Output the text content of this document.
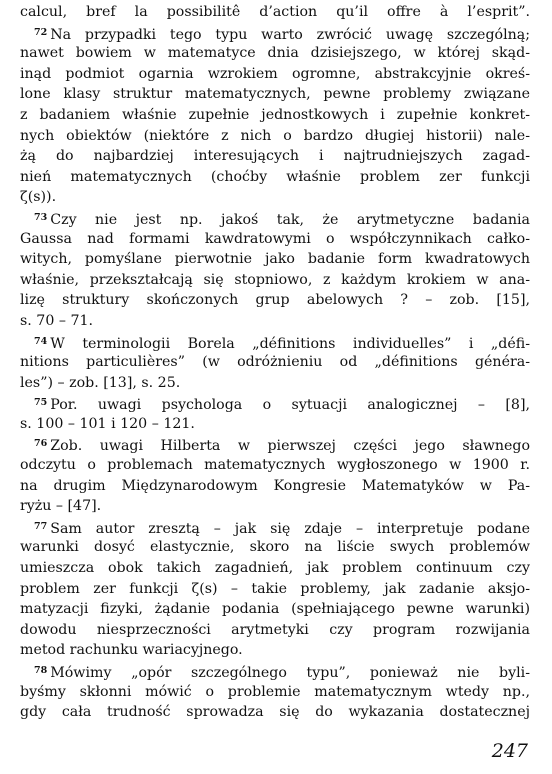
calcul, bref la possibilitê d’action qu’il offre à l’esprit”.
$^{72}$ Na przypadki tego typu warto zwrócić uwagę szczególną;
nawet bowiem w matematyce dnia dzisiejszego, w której skąd-
inąd podmiot ogarnia wzrokiem ogromne, abstrakcyjnie okreś-
lone klasy struktur matematycznych, pewne problemy związane
z badaniem właśnie zupełnie jednostkowych i zupełnie konkret-
nych obiektów (niektóre z nich o bardzo długiej historii) nale-
żą do najbardziej interesujących i najtrudniejszych zagad-
nień matematycznych (choćby właśnie problem zer funkcji
ζ(s)).
$^{73}$ Czy nie jest np. jakoś tak, że arytmetyczne badania
Gaussa nad formami kawdratowymi o współczynnikach całko-
witych, pomyślane pierwotnie jako badanie form kwadratowych
właśnie, przekształcają się stopniowo, z każdym krokiem w ana-
lizę struktury skończonych grup abelowych ? – zob. [15],
s. 70 – 71.
$^{74}$ W terminologii Borela „définitions individuelles” i „défi-
nitions particulières” (w odróżnieniu od „définitions généra-
les”) – zob. [13], s. 25.
$^{75}$ Por. uwagi psychologa o sytuacji analogicznej – [8],
s. 100 – 101 i 120 – 121.
$^{76}$ Zob. uwagi Hilberta w pierwszej części jego sławnego
odczytu o problemach matematycznych wygłoszonego w 1900 r.
na drugim Międzynarodowym Kongresie Matematyków w Pa-
ryżu – [47].
$^{77}$ Sam autor zresztą – jak się zdaje – interpretuje podane
warunki dosyć elastycznie, skoro na liście swych problemów
umieszcza obok takich zagadnień, jak problem continuum czy
problem zer funkcji ζ(s) – takie problemy, jak zadanie aksjo-
matyzacji fizyki, żądanie podania (spełniającego pewne warunki)
dowodu niesprzeczności arytmetyki czy program rozwijania
metod rachunku wariacyjnego.
$^{78}$ Mówimy „opór szczególnego typu”, ponieważ nie byli-
byśmy skłonni mówić o problemie matematycznym wtedy np.,
gdy cała trudność sprowadza się do wykazania dostatecznej
247
